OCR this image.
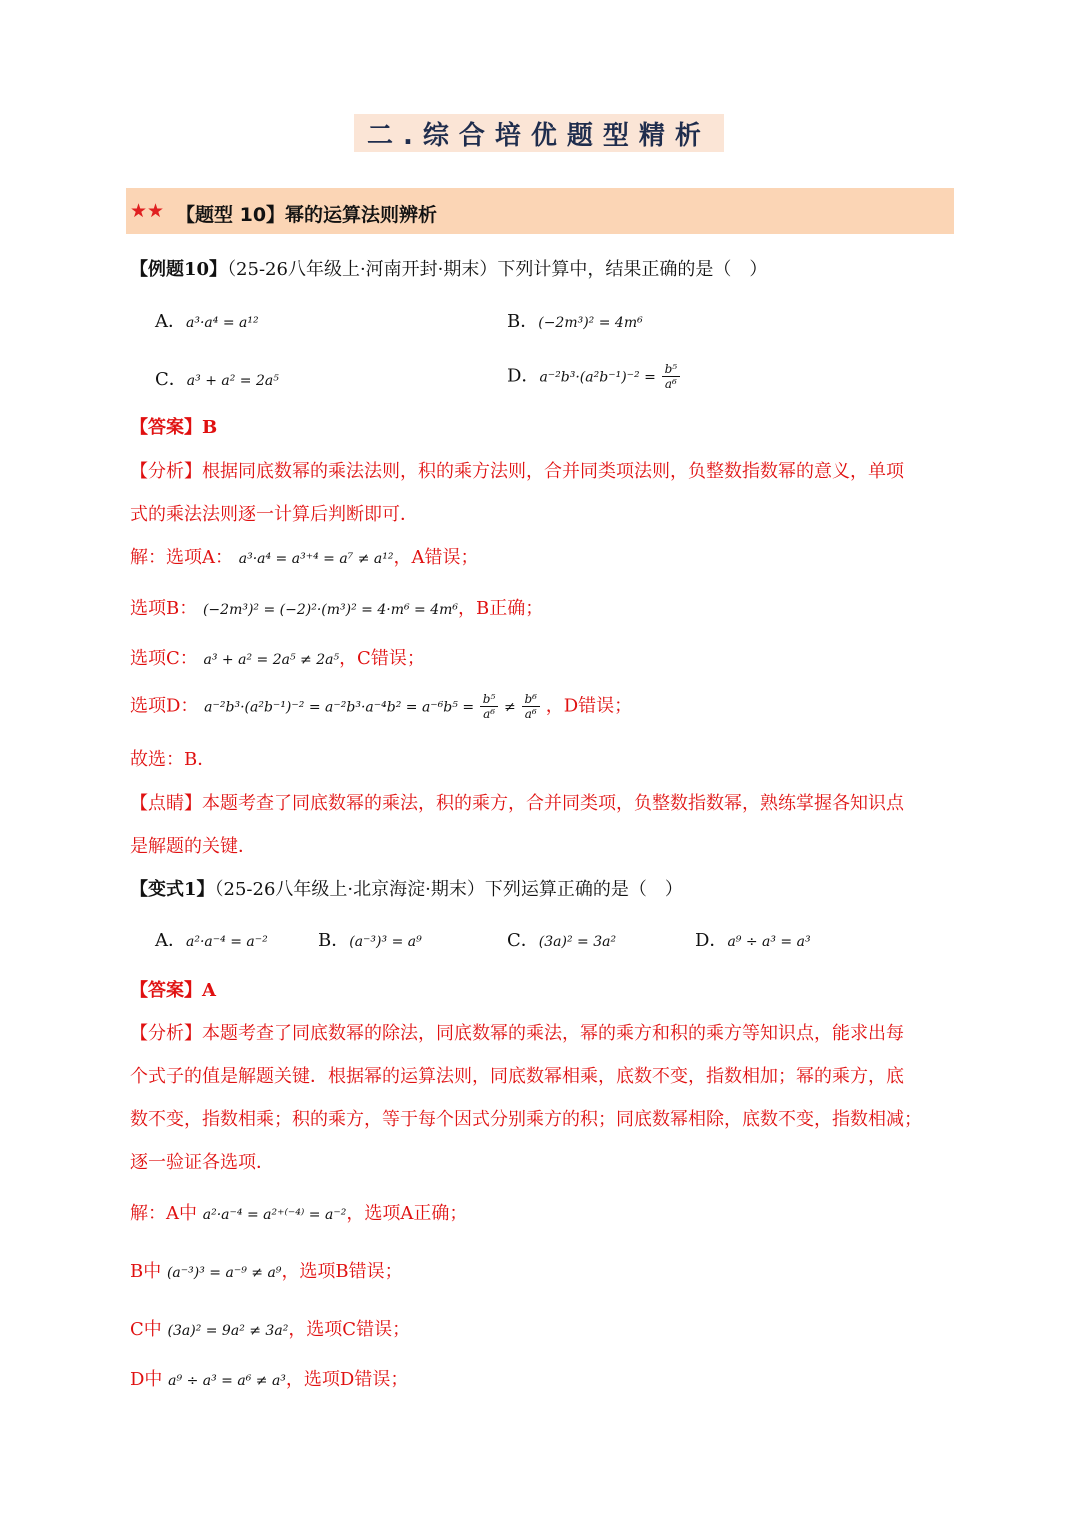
二.综合培优题型精析
★★ 【题型 10】幂的运算法则辨析
【例题10】（25-26八年级上·河南开封·期末）下列计算中，结果正确的是（　）
A．a³·a⁴ = a¹²	B．(−2m³)² = 4m⁶
C．a³ + a² = 2a⁵	D．$a^{-2}b^3\cdot(a^2b^{-1})^{-2} = \frac{\text{b⁵}}{\text{a⁶}}$
【答案】B
【分析】根据同底数幂的乘法法则，积的乘方法则，合并同类项法则，负整数指数幂的意义，单项
式的乘法法则逐一计算后判断即可．
解：选项A： a³·a⁴ = a³⁺⁴ = a⁷ ≠ a¹²，A错误；
选项B： (−2m³)² = (−2)²·(m³)² = 4·m⁶ = 4m⁶，B正确；
选项C： a³ + a² = 2a⁵ ≠ 2a⁵，C错误；
选项D： $a^{-2}b^3\cdot(a^2b^{-1})^{-2} = a^{-2}b^3\cdot a^{-4}b^2 = a^{-6}b^5 = \frac{\text{b⁵}}{\text{a⁶}} \ne \frac{\text{b⁶}}{\text{a⁶}}$ ，D错误；
故选：B．
【点睛】本题考查了同底数幂的乘法，积的乘方，合并同类项，负整数指数幂，熟练掌握各知识点
是解题的关键．
【变式1】（25-26八年级上·北京海淀·期末）下列运算正确的是（　）
A．a²·a⁻⁴ = a⁻²	B．(a⁻³)³ = a⁹	C．(3a)² = 3a²	D．a⁹ ÷ a³ = a³
【答案】A
【分析】本题考查了同底数幂的除法，同底数幂的乘法，幂的乘方和积的乘方等知识点，能求出每
个式子的值是解题关键．根据幂的运算法则，同底数幂相乘，底数不变，指数相加；幂的乘方，底
数不变，指数相乘；积的乘方，等于每个因式分别乘方的积；同底数幂相除，底数不变，指数相减；
逐一验证各选项．
解：A中 a²·a⁻⁴ = a²⁺⁽⁻⁴⁾ = a⁻²，选项A正确；
B中 (a⁻³)³ = a⁻⁹ ≠ a⁹，选项B错误；
C中 (3a)² = 9a² ≠ 3a²，选项C错误；
D中 a⁹ ÷ a³ = a⁶ ≠ a³，选项D错误；
